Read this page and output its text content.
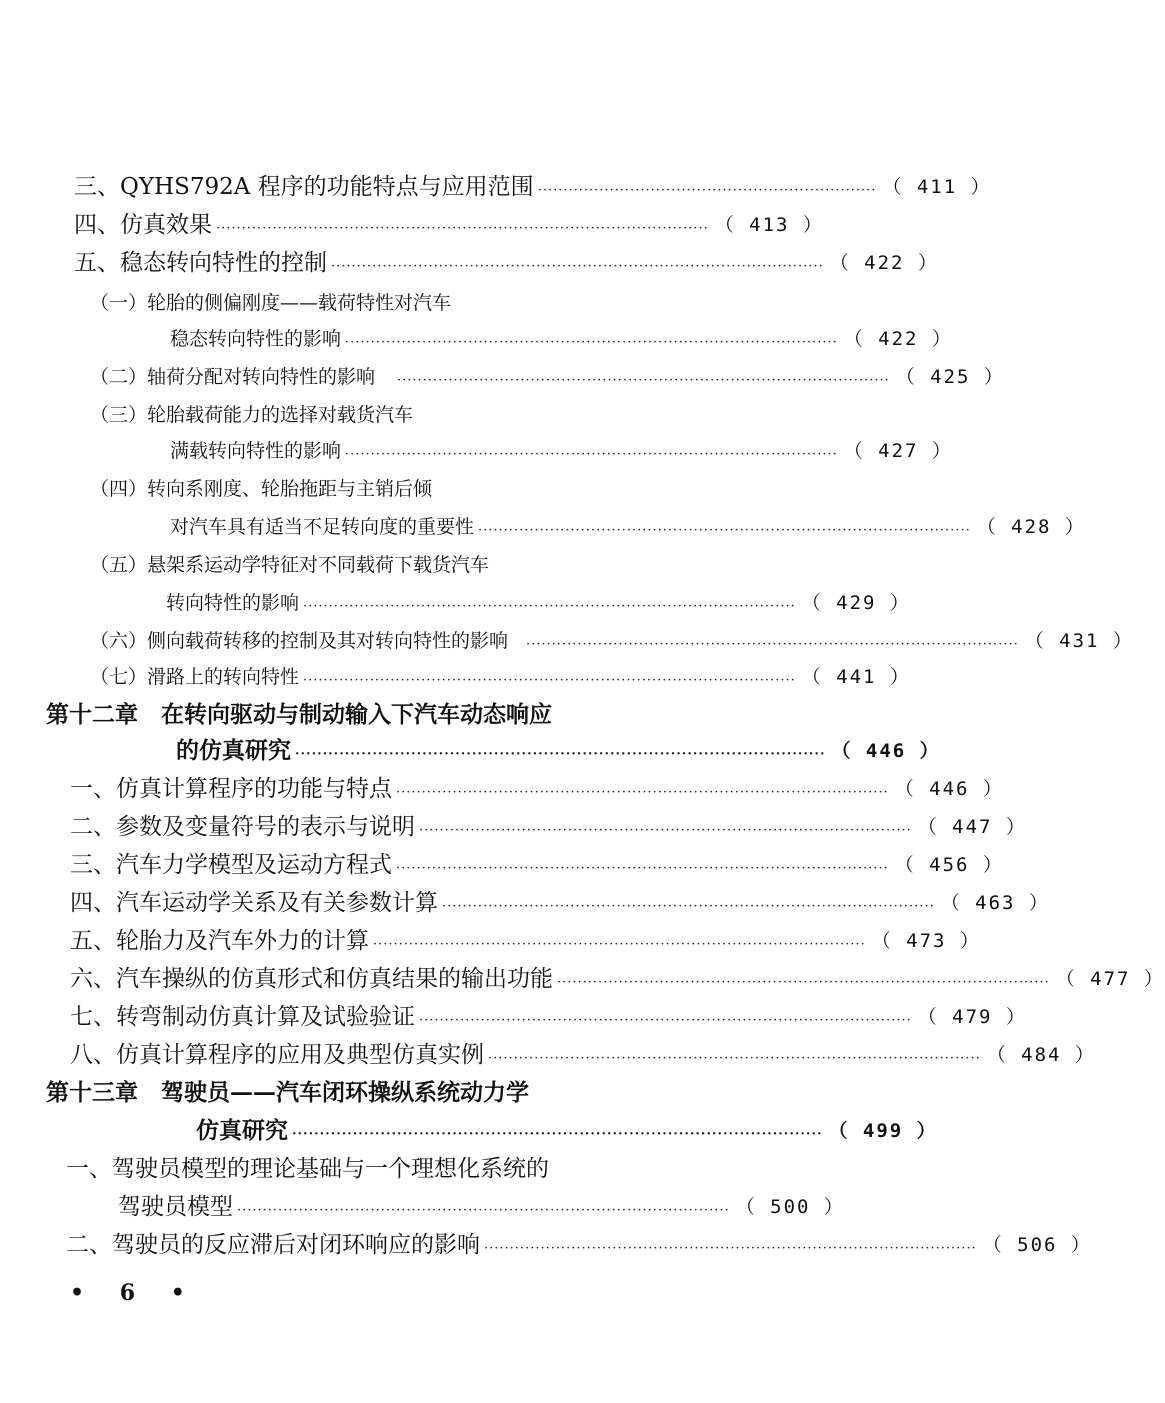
三、QYHS792A 程序的功能特点与应用范围 ·································································· （ 411 ）
四、仿真效果 ································································································ （ 413 ）
五、稳态转向特性的控制 ································································································ （ 422 ）
（一）轮胎的侧偏刚度——载荷特性对汽车
稳态转向特性的影响 ································································································ （ 422 ）
（二）轴荷分配对转向特性的影响 ································································································ （ 425 ）
（三）轮胎载荷能力的选择对载货汽车
满载转向特性的影响 ································································································ （ 427 ）
（四）转向系刚度、轮胎拖距与主销后倾
对汽车具有适当不足转向度的重要性 ································································································ （ 428 ）
（五）悬架系运动学特征对不同载荷下载货汽车
转向特性的影响 ································································································ （ 429 ）
（六）侧向载荷转移的控制及其对转向特性的影响 ································································································ （ 431 ）
（七）滑路上的转向特性 ································································································ （ 441 ）
第十二章　在转向驱动与制动输入下汽车动态响应
的仿真研究 ································································································ （ 446 ）
一、仿真计算程序的功能与特点 ································································································ （ 446 ）
二、参数及变量符号的表示与说明 ································································································ （ 447 ）
三、汽车力学模型及运动方程式 ································································································ （ 456 ）
四、汽车运动学关系及有关参数计算 ································································································ （ 463 ）
五、轮胎力及汽车外力的计算 ································································································ （ 473 ）
六、汽车操纵的仿真形式和仿真结果的输出功能 ································································································ （ 477 ）
七、转弯制动仿真计算及试验验证 ································································································ （ 479 ）
八、仿真计算程序的应用及典型仿真实例 ································································································ （ 484 ）
第十三章　驾驶员——汽车闭环操纵系统动力学
仿真研究 ································································································ （ 499 ）
一、驾驶员模型的理论基础与一个理想化系统的
驾驶员模型 ································································································ （ 500 ）
二、驾驶员的反应滞后对闭环响应的影响 ································································································ （ 506 ）
• 6 •
